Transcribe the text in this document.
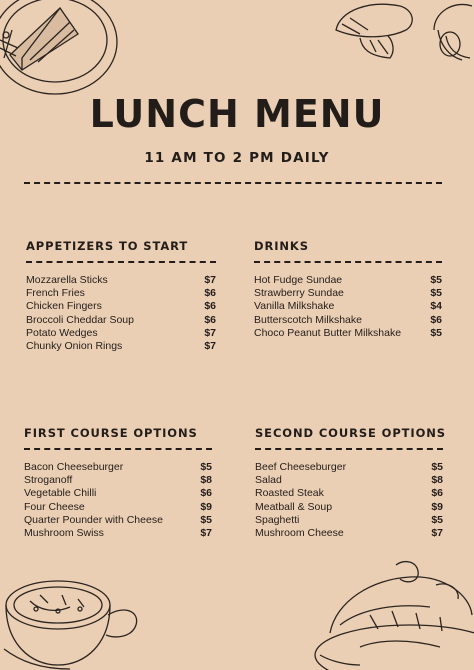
LUNCH MENU
11 AM TO 2 PM DAILY
APPETIZERS TO START
Mozzarella Sticks	$7
French Fries	$6
Chicken Fingers	$6
Broccoli Cheddar Soup	$6
Potato Wedges	$7
Chunky Onion Rings	$7
DRINKS
Hot Fudge Sundae	$5
Strawberry Sundae	$5
Vanilla Milkshake	$4
Butterscotch Milkshake	$6
Choco Peanut Butter Milkshake	$5
FIRST COURSE OPTIONS
Bacon Cheeseburger	$5
Stroganoff	$8
Vegetable Chilli	$6
Four Cheese	$9
Quarter Pounder with Cheese	$5
Mushroom Swiss	$7
SECOND COURSE OPTIONS
Beef Cheeseburger	$5
Salad	$8
Roasted Steak	$6
Meatball & Soup	$9
Spaghetti	$5
Mushroom Cheese	$7
